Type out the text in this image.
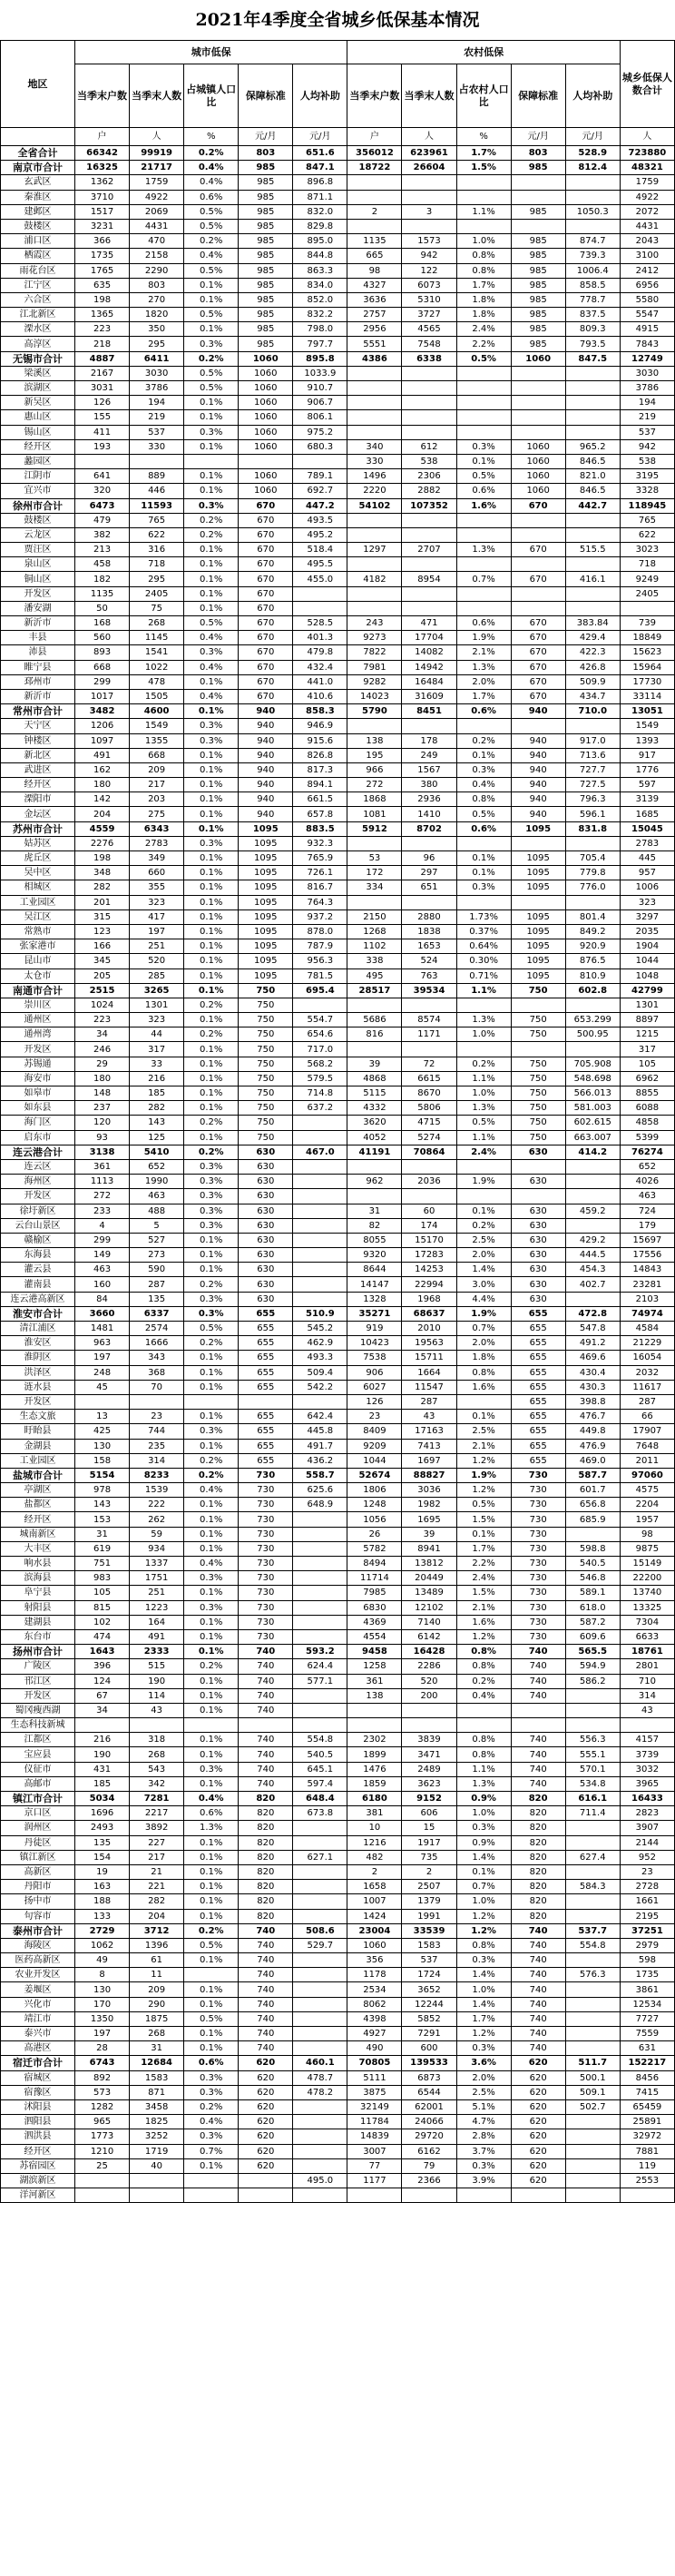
2021年4季度全省城乡低保基本情况
地区	城市低保					农村低保					城乡低保人数合计
	当季末户数	当季末人数	占城镇人口比	保障标准	人均补助	当季末户数	当季末人数	占农村人口比	保障标准	人均补助	
	户	人	%	元/月	元/月	户	人	%	元/月	元/月	人
全省合计	66342	99919	0.2%	803	651.6	356012	623961	1.7%	803	528.9	723880
南京市合计	16325	21717	0.4%	985	847.1	18722	26604	1.5%	985	812.4	48321
玄武区	1362	1759	0.4%	985	896.8						1759
秦淮区	3710	4922	0.6%	985	871.1						4922
建邺区	1517	2069	0.5%	985	832.0	2	3	1.1%	985	1050.3	2072
鼓楼区	3231	4431	0.5%	985	829.8						4431
浦口区	366	470	0.2%	985	895.0	1135	1573	1.0%	985	874.7	2043
栖霞区	1735	2158	0.4%	985	844.8	665	942	0.8%	985	739.3	3100
雨花台区	1765	2290	0.5%	985	863.3	98	122	0.8%	985	1006.4	2412
江宁区	635	803	0.1%	985	834.0	4327	6073	1.7%	985	858.5	6956
六合区	198	270	0.1%	985	852.0	3636	5310	1.8%	985	778.7	5580
江北新区	1365	1820	0.5%	985	832.2	2757	3727	1.8%	985	837.5	5547
溧水区	223	350	0.1%	985	798.0	2956	4565	2.4%	985	809.3	4915
高淳区	218	295	0.3%	985	797.7	5551	7548	2.2%	985	793.5	7843
无锡市合计	4887	6411	0.2%	1060	895.8	4386	6338	0.5%	1060	847.5	12749
梁溪区	2167	3030	0.5%	1060	1033.9						3030
滨湖区	3031	3786	0.5%	1060	910.7						3786
新吴区	126	194	0.1%	1060	906.7						194
惠山区	155	219	0.1%	1060	806.1						219
锡山区	411	537	0.3%	1060	975.2						537
经开区	193	330	0.1%	1060	680.3	340	612	0.3%	1060	965.2	942
蠡园区						330	538	0.1%	1060	846.5	538
江阴市	641	889	0.1%	1060	789.1	1496	2306	0.5%	1060	821.0	3195
宜兴市	320	446	0.1%	1060	692.7	2220	2882	0.6%	1060	846.5	3328
徐州市合计	6473	11593	0.3%	670	447.2	54102	107352	1.6%	670	442.7	118945
鼓楼区	479	765	0.2%	670	493.5						765
云龙区	382	622	0.2%	670	495.2						622
贾汪区	213	316	0.1%	670	518.4	1297	2707	1.3%	670	515.5	3023
泉山区	458	718	0.1%	670	495.5						718
铜山区	182	295	0.1%	670	455.0	4182	8954	0.7%	670	416.1	9249
开发区	1135	2405	0.1%	670							2405
潘安湖	50	75	0.1%	670							
新沂市	168	268	0.5%	670	528.5	243	471	0.6%	670	383.84	739
丰县	560	1145	0.4%	670	401.3	9273	17704	1.9%	670	429.4	18849
沛县	893	1541	0.3%	670	479.8	7822	14082	2.1%	670	422.3	15623
睢宁县	668	1022	0.4%	670	432.4	7981	14942	1.3%	670	426.8	15964
邳州市	299	478	0.1%	670	441.0	9282	16484	2.0%	670	509.9	17730
新沂市	1017	1505	0.4%	670	410.6	14023	31609	1.7%	670	434.7	33114
常州市合计	3482	4600	0.1%	940	858.3	5790	8451	0.6%	940	710.0	13051
天宁区	1206	1549	0.3%	940	946.9						1549
钟楼区	1097	1355	0.3%	940	915.6	138	178	0.2%	940	917.0	1393
新北区	491	668	0.1%	940	826.8	195	249	0.1%	940	713.6	917
武进区	162	209	0.1%	940	817.3	966	1567	0.3%	940	727.7	1776
经开区	180	217	0.1%	940	894.1	272	380	0.4%	940	727.5	597
溧阳市	142	203	0.1%	940	661.5	1868	2936	0.8%	940	796.3	3139
金坛区	204	275	0.1%	940	657.8	1081	1410	0.5%	940	596.1	1685
苏州市合计	4559	6343	0.1%	1095	883.5	5912	8702	0.6%	1095	831.8	15045
姑苏区	2276	2783	0.3%	1095	932.3						2783
虎丘区	198	349	0.1%	1095	765.9	53	96	0.1%	1095	705.4	445
吴中区	348	660	0.1%	1095	726.1	172	297	0.1%	1095	779.8	957
相城区	282	355	0.1%	1095	816.7	334	651	0.3%	1095	776.0	1006
工业园区	201	323	0.1%	1095	764.3						323
吴江区	315	417	0.1%	1095	937.2	2150	2880	1.73%	1095	801.4	3297
常熟市	123	197	0.1%	1095	878.0	1268	1838	0.37%	1095	849.2	2035
张家港市	166	251	0.1%	1095	787.9	1102	1653	0.64%	1095	920.9	1904
昆山市	345	520	0.1%	1095	956.3	338	524	0.30%	1095	876.5	1044
太仓市	205	285	0.1%	1095	781.5	495	763	0.71%	1095	810.9	1048
南通市合计	2515	3265	0.1%	750	695.4	28517	39534	1.1%	750	602.8	42799
崇川区	1024	1301	0.2%	750							1301
通州区	223	323	0.1%	750	554.7	5686	8574	1.3%	750	653.299	8897
通州湾	34	44	0.2%	750	654.6	816	1171	1.0%	750	500.95	1215
开发区	246	317	0.1%	750	717.0						317
苏锡通	29	33	0.1%	750	568.2	39	72	0.2%	750	705.908	105
海安市	180	216	0.1%	750	579.5	4868	6615	1.1%	750	548.698	6962
如皋市	148	185	0.1%	750	714.8	5115	8670	1.0%	750	566.013	8855
如东县	237	282	0.1%	750	637.2	4332	5806	1.3%	750	581.003	6088
海门区	120	143	0.2%	750		3620	4715	0.5%	750	602.615	4858
启东市	93	125	0.1%	750		4052	5274	1.1%	750	663.007	5399
连云港合计	3138	5410	0.2%	630	467.0	41191	70864	2.4%	630	414.2	76274
连云区	361	652	0.3%	630							652
海州区	1113	1990	0.3%	630		962	2036	1.9%	630		4026
开发区	272	463	0.3%	630							463
徐圩新区	233	488	0.3%	630		31	60	0.1%	630	459.2	724
云台山景区	4	5	0.3%	630		82	174	0.2%	630		179
赣榆区	299	527	0.1%	630		8055	15170	2.5%	630	429.2	15697
东海县	149	273	0.1%	630		9320	17283	2.0%	630	444.5	17556
灌云县	463	590	0.1%	630		8644	14253	1.4%	630	454.3	14843
灌南县	160	287	0.2%	630		14147	22994	3.0%	630	402.7	23281
连云港高新区	84	135	0.3%	630		1328	1968	4.4%	630		2103
淮安市合计	3660	6337	0.3%	655	510.9	35271	68637	1.9%	655	472.8	74974
清江浦区	1481	2574	0.5%	655	545.2	919	2010	0.7%	655	547.8	4584
淮安区	963	1666	0.2%	655	462.9	10423	19563	2.0%	655	491.2	21229
淮阴区	197	343	0.1%	655	493.3	7538	15711	1.8%	655	469.6	16054
洪泽区	248	368	0.1%	655	509.4	906	1664	0.8%	655	430.4	2032
涟水县	45	70	0.1%	655	542.2	6027	11547	1.6%	655	430.3	11617
开发区						126	287		655	398.8	287
生态文旅	13	23	0.1%	655	642.4	23	43	0.1%	655	476.7	66
盱眙县	425	744	0.3%	655	445.8	8409	17163	2.5%	655	449.8	17907
金湖县	130	235	0.1%	655	491.7	9209	7413	2.1%	655	476.9	7648
工业园区	158	314	0.2%	655	436.2	1044	1697	1.2%	655	469.0	2011
盐城市合计	5154	8233	0.2%	730	558.7	52674	88827	1.9%	730	587.7	97060
亭湖区	978	1539	0.4%	730	625.6	1806	3036	1.2%	730	601.7	4575
盐都区	143	222	0.1%	730	648.9	1248	1982	0.5%	730	656.8	2204
经开区	153	262	0.1%	730		1056	1695	1.5%	730	685.9	1957
城南新区	31	59	0.1%	730		26	39	0.1%	730		98
大丰区	619	934	0.1%	730		5782	8941	1.7%	730	598.8	9875
响水县	751	1337	0.4%	730		8494	13812	2.2%	730	540.5	15149
滨海县	983	1751	0.3%	730		11714	20449	2.4%	730	546.8	22200
阜宁县	105	251	0.1%	730		7985	13489	1.5%	730	589.1	13740
射阳县	815	1223	0.3%	730		6830	12102	2.1%	730	618.0	13325
建湖县	102	164	0.1%	730		4369	7140	1.6%	730	587.2	7304
东台市	474	491	0.1%	730		4554	6142	1.2%	730	609.6	6633
扬州市合计	1643	2333	0.1%	740	593.2	9458	16428	0.8%	740	565.5	18761
广陵区	396	515	0.2%	740	624.4	1258	2286	0.8%	740	594.9	2801
邗江区	124	190	0.1%	740	577.1	361	520	0.2%	740	586.2	710
开发区	67	114	0.1%	740		138	200	0.4%	740		314
蜀冈瘦西湖	34	43	0.1%	740							43
生态科技新城											
江都区	216	318	0.1%	740	554.8	2302	3839	0.8%	740	556.3	4157
宝应县	190	268	0.1%	740	540.5	1899	3471	0.8%	740	555.1	3739
仪征市	431	543	0.3%	740	645.1	1476	2489	1.1%	740	570.1	3032
高邮市	185	342	0.1%	740	597.4	1859	3623	1.3%	740	534.8	3965
镇江市合计	5034	7281	0.4%	820	648.4	6180	9152	0.9%	820	616.1	16433
京口区	1696	2217	0.6%	820	673.8	381	606	1.0%	820	711.4	2823
润州区	2493	3892	1.3%	820		10	15	0.3%	820		3907
丹徒区	135	227	0.1%	820		1216	1917	0.9%	820		2144
镇江新区	154	217	0.1%	820	627.1	482	735	1.4%	820	627.4	952
高新区	19	21	0.1%	820		2	2	0.1%	820		23
丹阳市	163	221	0.1%	820		1658	2507	0.7%	820	584.3	2728
扬中市	188	282	0.1%	820		1007	1379	1.0%	820		1661
句容市	133	204	0.1%	820		1424	1991	1.2%	820		2195
泰州市合计	2729	3712	0.2%	740	508.6	23004	33539	1.2%	740	537.7	37251
海陵区	1062	1396	0.5%	740	529.7	1060	1583	0.8%	740	554.8	2979
医药高新区	49	61	0.1%	740		356	537	0.3%	740		598
农业开发区	8	11		740		1178	1724	1.4%	740	576.3	1735
姜堰区	130	209	0.1%	740		2534	3652	1.0%	740		3861
兴化市	170	290	0.1%	740		8062	12244	1.4%	740		12534
靖江市	1350	1875	0.5%	740		4398	5852	1.7%	740		7727
泰兴市	197	268	0.1%	740		4927	7291	1.2%	740		7559
高港区	28	31	0.1%	740		490	600	0.3%	740		631
宿迁市合计	6743	12684	0.6%	620	460.1	70805	139533	3.6%	620	511.7	152217
宿城区	892	1583	0.3%	620	478.7	5111	6873	2.0%	620	500.1	8456
宿豫区	573	871	0.3%	620	478.2	3875	6544	2.5%	620	509.1	7415
沭阳县	1282	3458	0.2%	620		32149	62001	5.1%	620	502.7	65459
泗阳县	965	1825	0.4%	620		11784	24066	4.7%	620		25891
泗洪县	1773	3252	0.3%	620		14839	29720	2.8%	620		32972
经开区	1210	1719	0.7%	620		3007	6162	3.7%	620		7881
苏宿园区	25	40	0.1%	620		77	79	0.3%	620		119
湖滨新区					495.0	1177	2366	3.9%	620		2553
洋河新区											
